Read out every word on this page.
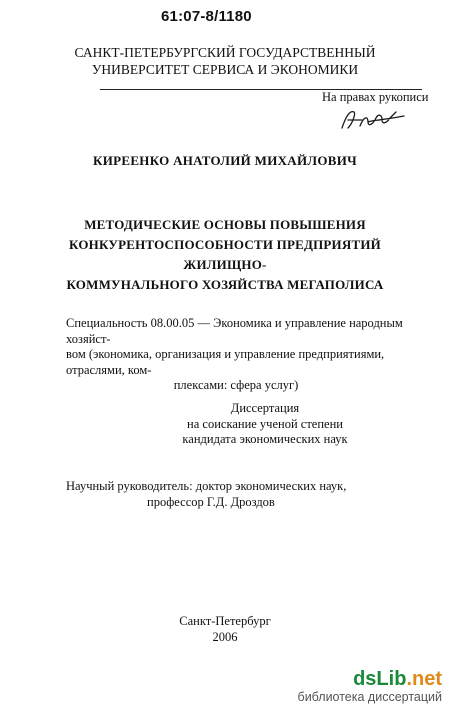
61:07-8/1180
САНКТ-ПЕТЕРБУРГСКИЙ ГОСУДАРСТВЕННЫЙ
УНИВЕРСИТЕТ СЕРВИСА И ЭКОНОМИКИ
На правах рукописи
КИРЕЕНКО АНАТОЛИЙ МИХАЙЛОВИЧ
МЕТОДИЧЕСКИЕ ОСНОВЫ ПОВЫШЕНИЯ
КОНКУРЕНТОСПОСОБНОСТИ ПРЕДПРИЯТИЙ ЖИЛИЩНО-
КОММУНАЛЬНОГО ХОЗЯЙСТВА МЕГАПОЛИСА
Специальность 08.00.05 — Экономика и управление народным хозяйст-
вом (экономика, организация и управление предприятиями, отраслями, ком-
плексами: сфера услуг)
Диссертация
на соискание ученой степени
кандидата экономических наук
Научный руководитель: доктор экономических наук,
профессор Г.Д. Дроздов
Санкт-Петербург
2006
dsLib.net
библиотека диссертаций
